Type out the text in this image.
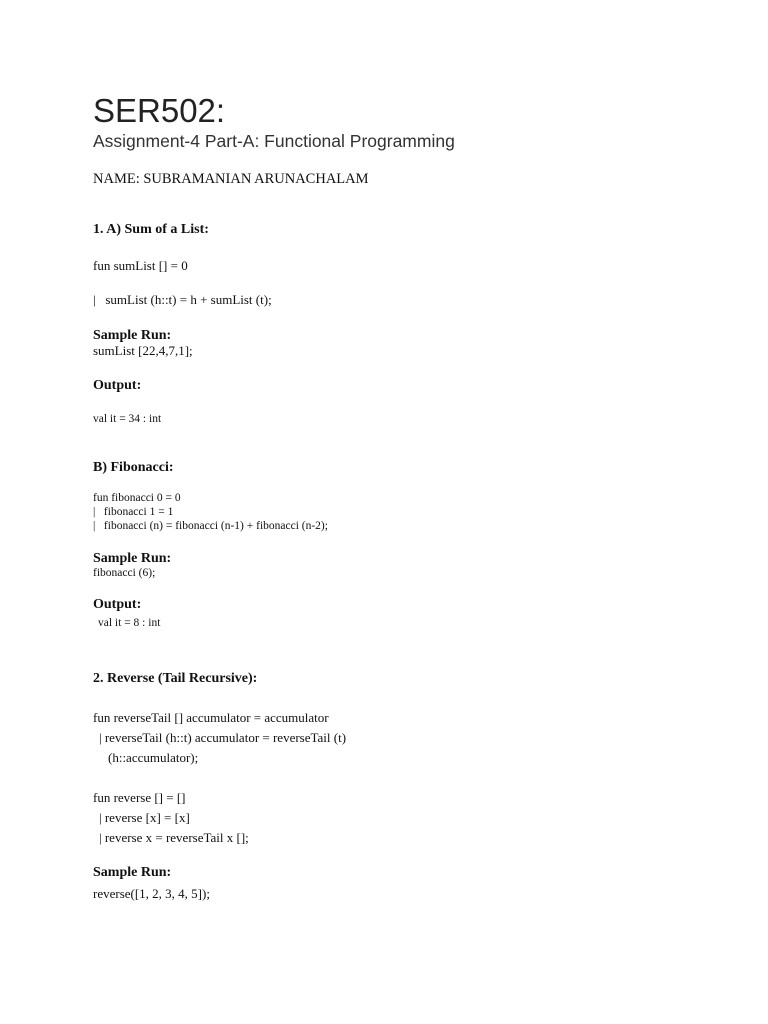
SER502:
Assignment-4 Part-A: Functional Programming
NAME: SUBRAMANIAN ARUNACHALAM
1. A) Sum of a List:
fun sumList [] = 0
|   sumList (h::t) = h + sumList (t);
Sample Run:
sumList [22,4,7,1];
Output:
val it = 34 : int
B) Fibonacci:
fun fibonacci 0 = 0
|   fibonacci 1 = 1
|   fibonacci (n) = fibonacci (n-1) + fibonacci (n-2);
Sample Run:
fibonacci (6);
Output:
val it = 8 : int
2. Reverse (Tail Recursive):
fun reverseTail [] accumulator = accumulator
| reverseTail (h::t) accumulator = reverseTail (t)
(h::accumulator);
fun reverse [] = []
| reverse [x] = [x]
| reverse x = reverseTail x [];
Sample Run:
reverse([1, 2, 3, 4, 5]);
